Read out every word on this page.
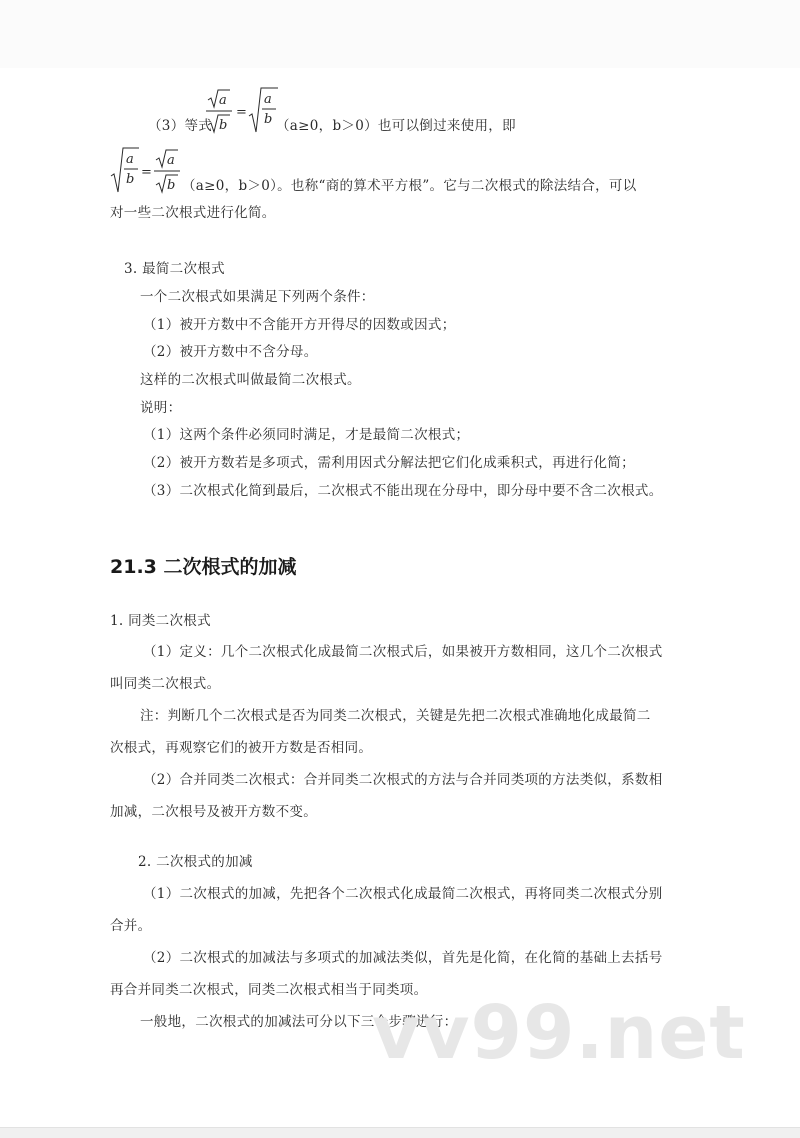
（3）等式
a
b
=
a
b （a≥0，b＞0）也可以倒过来使用，即
a
b =
a
b （a≥0，b＞0）。也称“商的算术平方根”。它与二次根式的除法结合，可以
对一些二次根式进行化简。
3. 最简二次根式
一个二次根式如果满足下列两个条件：
（1）被开方数中不含能开方开得尽的因数或因式；
（2）被开方数中不含分母。
这样的二次根式叫做最简二次根式。
说明：
（1）这两个条件必须同时满足，才是最简二次根式；
（2）被开方数若是多项式，需利用因式分解法把它们化成乘积式，再进行化简；
（3）二次根式化简到最后，二次根式不能出现在分母中，即分母中要不含二次根式。
21.3 二次根式的加减
1. 同类二次根式
（1）定义：几个二次根式化成最简二次根式后，如果被开方数相同，这几个二次根式
叫同类二次根式。
注：判断几个二次根式是否为同类二次根式，关键是先把二次根式准确地化成最简二
次根式，再观察它们的被开方数是否相同。
（2）合并同类二次根式：合并同类二次根式的方法与合并同类项的方法类似，系数相
加减，二次根号及被开方数不变。
2. 二次根式的加减
（1）二次根式的加减，先把各个二次根式化成最简二次根式，再将同类二次根式分别
合并。
（2）二次根式的加减法与多项式的加减法类似，首先是化简，在化简的基础上去括号
再合并同类二次根式，同类二次根式相当于同类项。
一般地，二次根式的加减法可分以下三个步骤进行：
vv99.net
